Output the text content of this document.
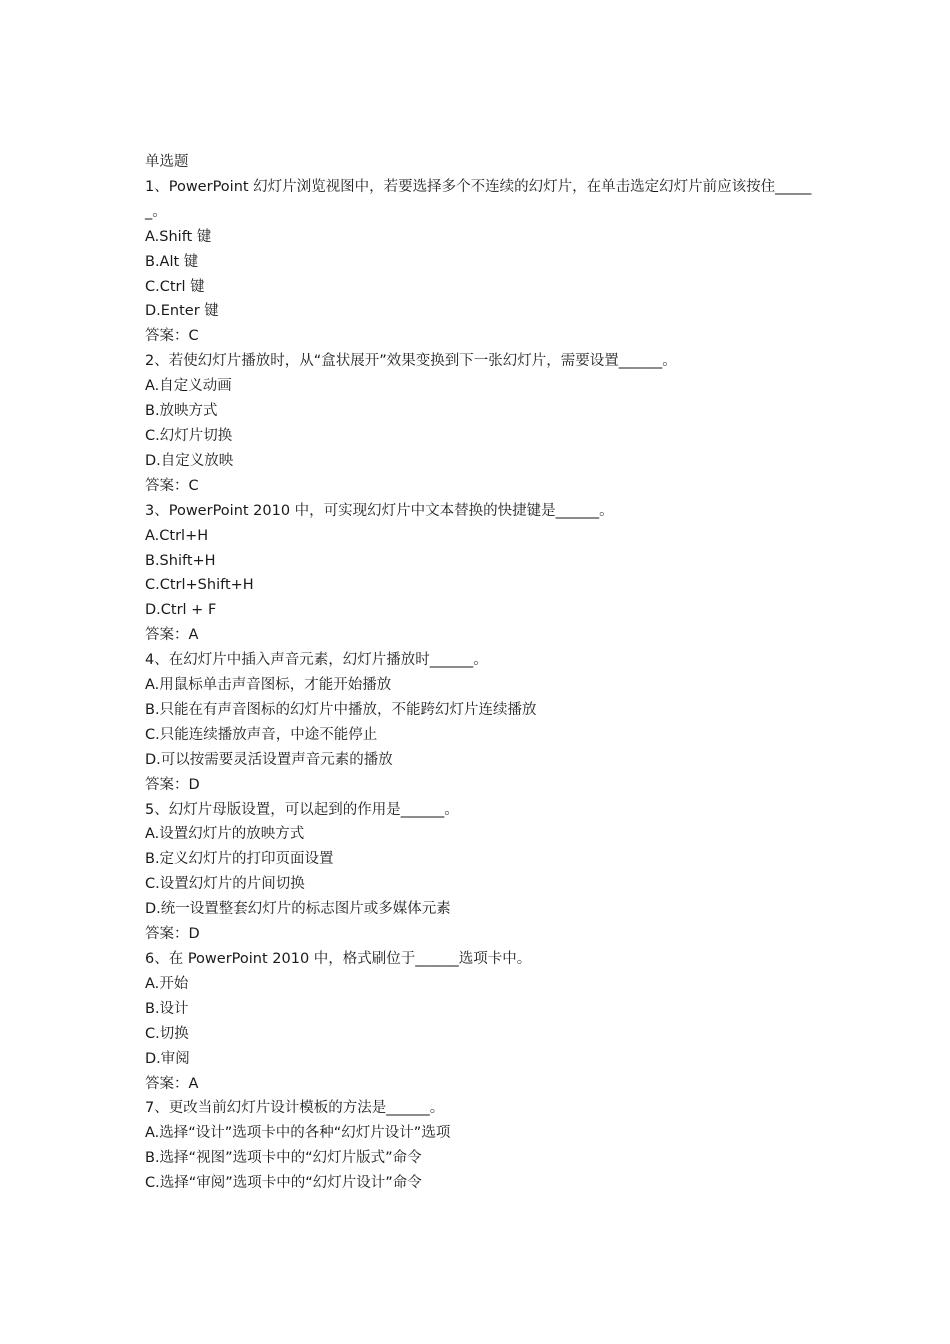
单选题

1、PowerPoint 幻灯片浏览视图中，若要选择多个不连续的幻灯片，在单击选定幻灯片前应该按住______。

A.Shift 键

B.Alt 键

C.Ctrl 键

D.Enter 键

答案：C

2、若使幻灯片播放时，从“盒状展开”效果变换到下一张幻灯片，需要设置______。

A.自定义动画

B.放映方式

C.幻灯片切换

D.自定义放映

答案：C

3、PowerPoint 2010 中，可实现幻灯片中文本替换的快捷键是______。

A.Ctrl+H

B.Shift+H

C.Ctrl+Shift+H

D.Ctrl + F

答案：A

4、在幻灯片中插入声音元素，幻灯片播放时______。

A.用鼠标单击声音图标，才能开始播放

B.只能在有声音图标的幻灯片中播放，不能跨幻灯片连续播放

C.只能连续播放声音，中途不能停止

D.可以按需要灵活设置声音元素的播放

答案：D

5、幻灯片母版设置，可以起到的作用是______。

A.设置幻灯片的放映方式

B.定义幻灯片的打印页面设置

C.设置幻灯片的片间切换

D.统一设置整套幻灯片的标志图片或多媒体元素

答案：D

6、在 PowerPoint 2010 中，格式刷位于______选项卡中。

A.开始

B.设计

C.切换

D.审阅

答案：A

7、更改当前幻灯片设计模板的方法是______。

A.选择“设计”选项卡中的各种“幻灯片设计”选项

B.选择“视图”选项卡中的“幻灯片版式”命令

C.选择“审阅”选项卡中的“幻灯片设计”命令
